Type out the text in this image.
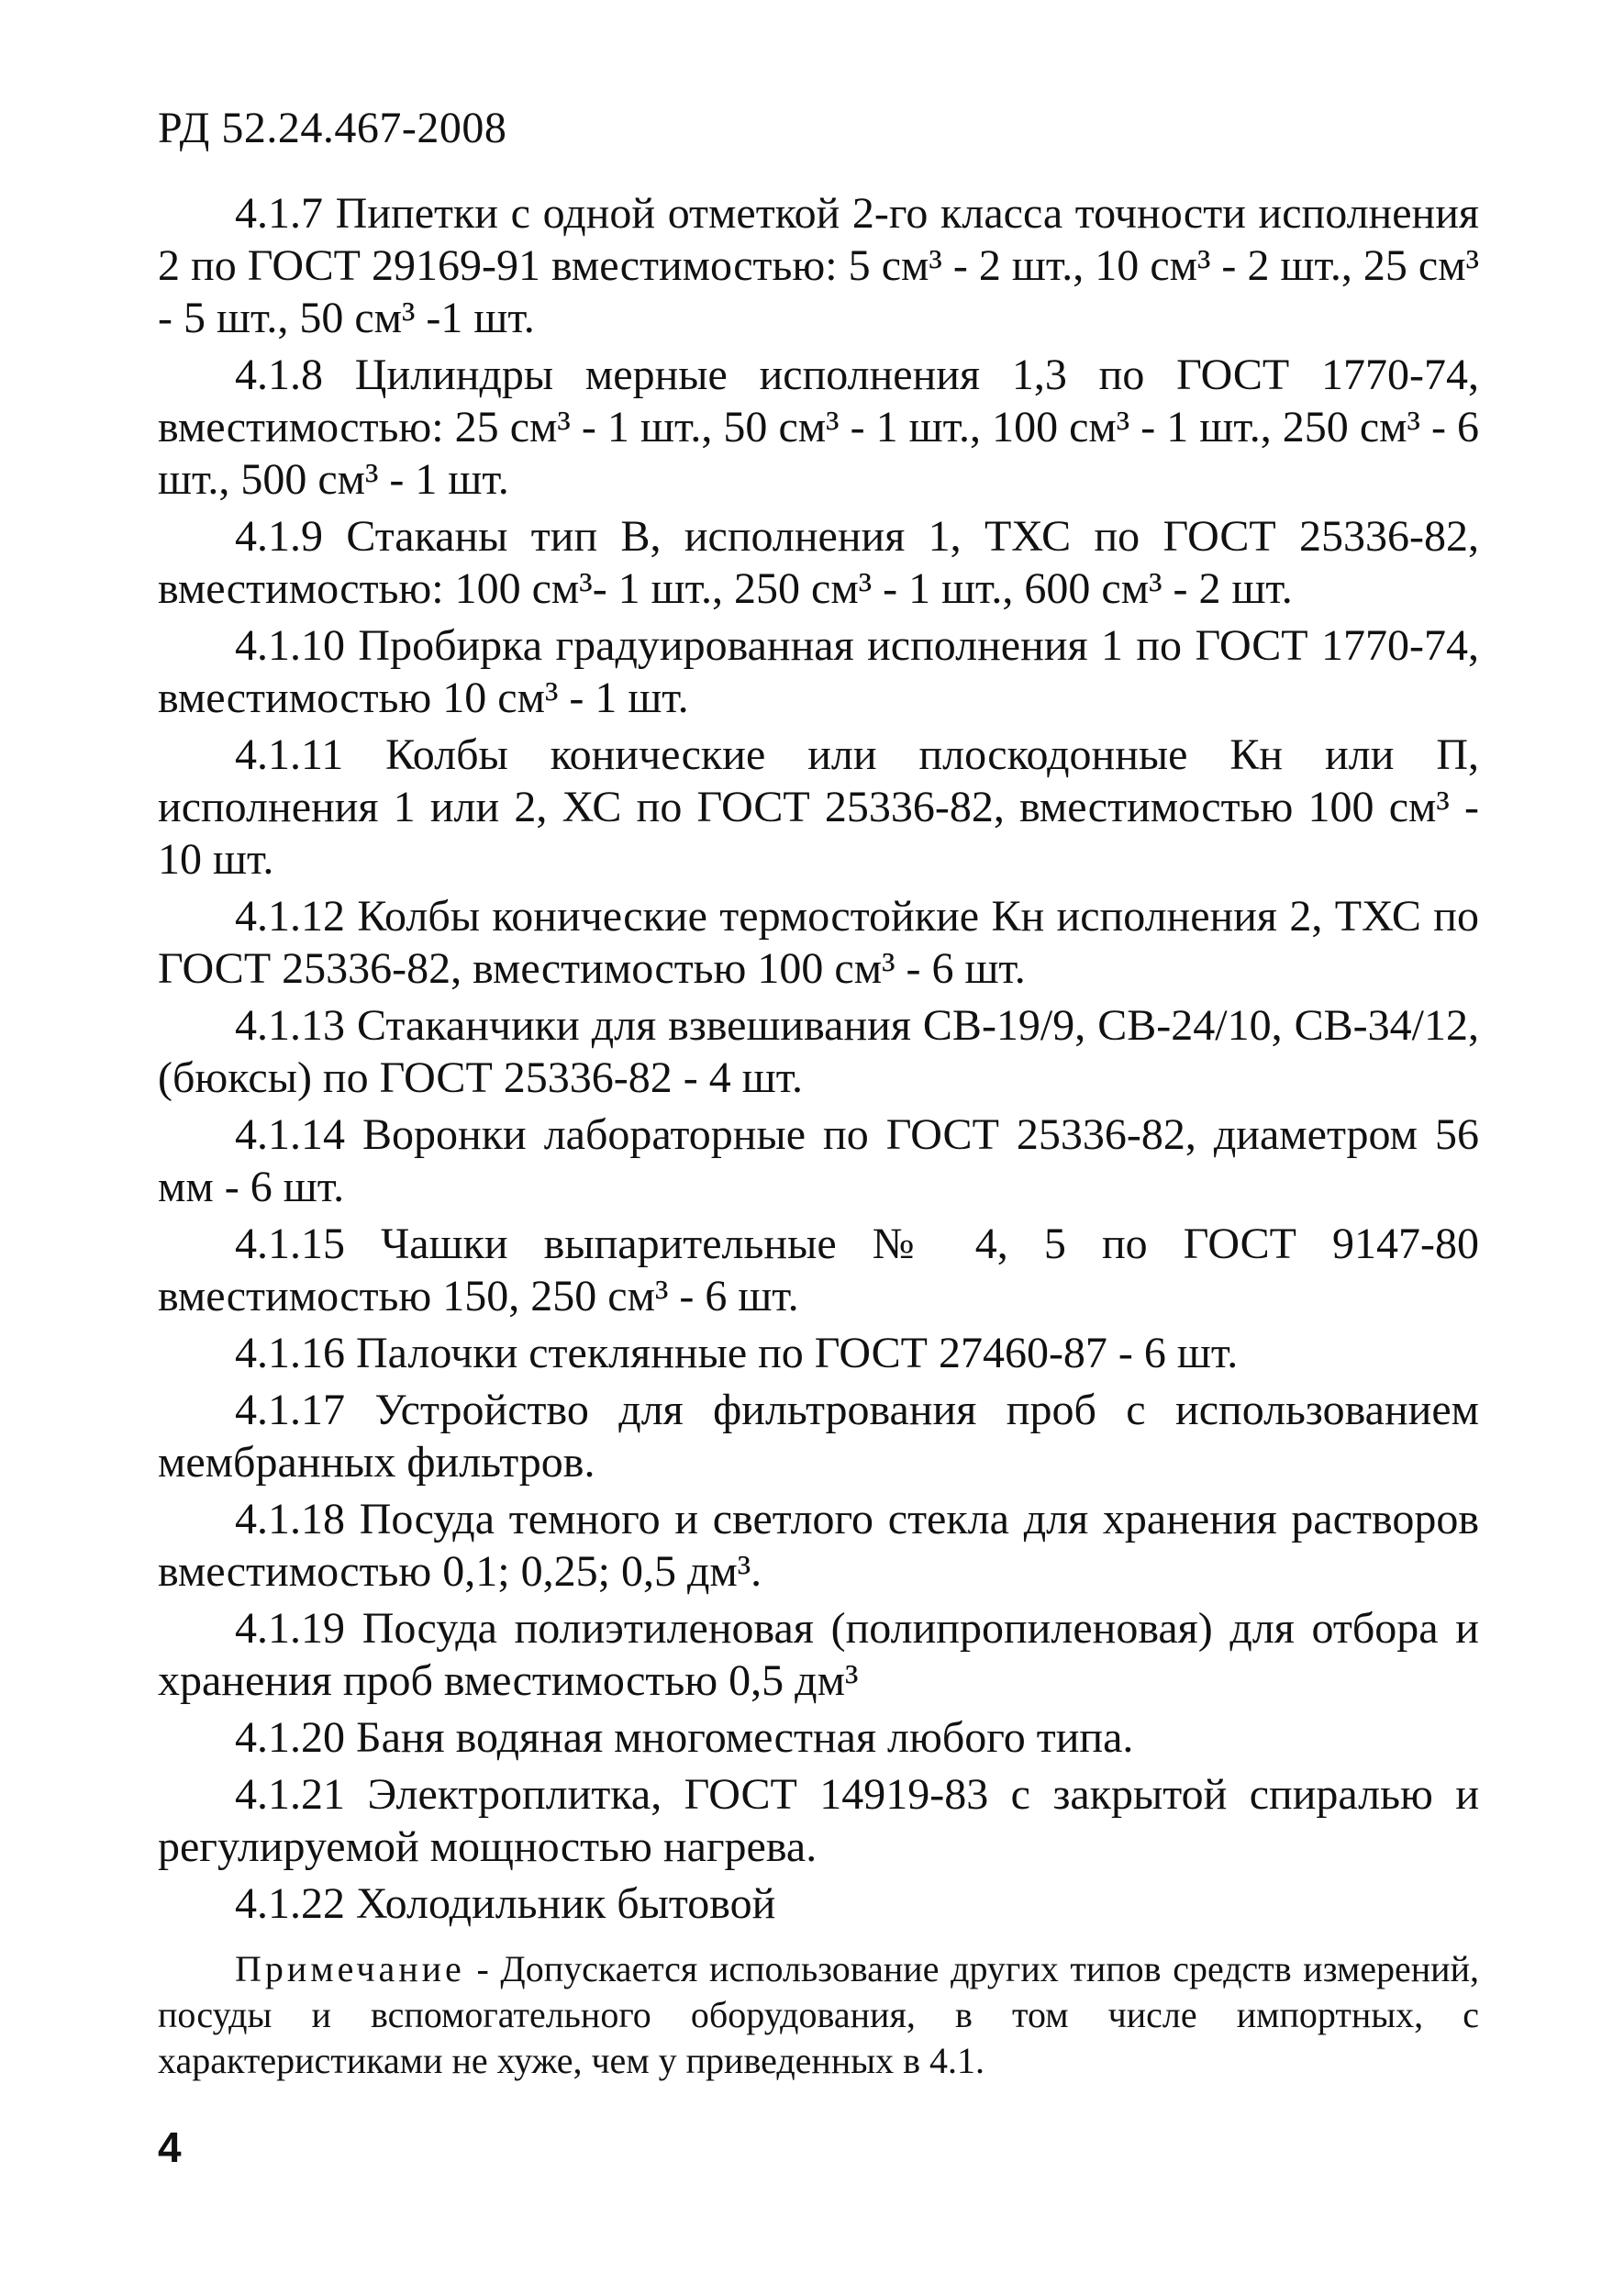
РД 52.24.467-2008

4.1.7 Пипетки с одной отметкой 2-го класса точности исполнения 2 по ГОСТ 29169-91 вместимостью: 5 см³ - 2 шт., 10 см³ - 2 шт., 25 см³ - 5 шт., 50 см³ -1 шт.

4.1.8 Цилиндры мерные исполнения 1,3 по ГОСТ 1770-74, вместимостью: 25 см³ - 1 шт., 50 см³ - 1 шт., 100 см³ - 1 шт., 250 см³ - 6 шт., 500 см³ - 1 шт.

4.1.9 Стаканы тип В, исполнения 1, ТХС по ГОСТ 25336-82, вместимостью: 100 см³- 1 шт., 250 см³ - 1 шт., 600 см³ - 2 шт.

4.1.10 Пробирка градуированная исполнения 1 по ГОСТ 1770-74, вместимостью 10 см³ - 1 шт.

4.1.11 Колбы конические или плоскодонные Кн или П, исполнения 1 или 2, ХС по ГОСТ 25336-82, вместимостью 100 см³ - 10 шт.

4.1.12 Колбы конические термостойкие Кн исполнения 2, ТХС по ГОСТ 25336-82, вместимостью 100 см³ - 6 шт.

4.1.13 Стаканчики для взвешивания СВ-19/9, СВ-24/10, СВ-34/12, (бюксы) по ГОСТ 25336-82 - 4 шт.

4.1.14 Воронки лабораторные по ГОСТ 25336-82, диаметром 56 мм - 6 шт.

4.1.15 Чашки выпарительные № 4, 5 по ГОСТ 9147-80 вместимостью 150, 250 см³ - 6 шт.

4.1.16 Палочки стеклянные по ГОСТ 27460-87 - 6 шт.

4.1.17 Устройство для фильтрования проб с использованием мембранных фильтров.

4.1.18 Посуда темного и светлого стекла для хранения растворов вместимостью 0,1; 0,25; 0,5 дм³.

4.1.19 Посуда полиэтиленовая (полипропиленовая) для отбора и хранения проб вместимостью 0,5 дм³

4.1.20 Баня водяная многоместная любого типа.

4.1.21 Электроплитка, ГОСТ 14919-83 с закрытой спиралью и регулируемой мощностью нагрева.

4.1.22 Холодильник бытовой

Примечание - Допускается использование других типов средств измерений, посуды и вспомогательного оборудования, в том числе импортных, с характеристиками не хуже, чем у приведенных в 4.1.

4
